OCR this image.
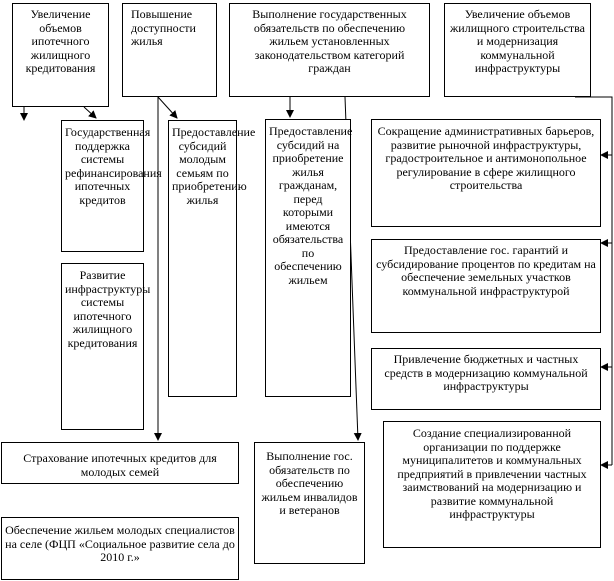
Увеличение объемов ипотечного жилищного кредитования
Повышение доступности жилья
Выполнение государственных обязательств по обеспечению жильем установленных законодательством категорий граждан
Увеличение объемов жилищного строительства и модернизация коммунальной инфраструктуры
Государственная поддержка системы рефинансирования ипотечных кредитов
Развитие инфраструктуры системы ипотечного жилищного кредитования
Предоставление субсидий молодым семьям по приобретению жилья
Предоставление субсидий на приобретение жилья гражданам, перед которыми имеются обязательства по обеспечению жильем
Сокращение административных барьеров, развитие рыночной инфраструктуры, градостроительное и антимонопольное регулирование в сфере жилищного строительства
Предоставление гос. гарантий и субсидирование процентов по кредитам на обеспечение земельных участков коммунальной инфраструктурой
Привлечение бюджетных и частных средств в модернизацию коммунальной инфраструктуры
Создание специализированной организации по поддержке муниципалитетов и коммунальных предприятий в привлечении частных заимствований на модернизацию и развитие коммунальной инфраструктуры
Страхование ипотечных кредитов для молодых семей
Выполнение гос. обязательств по обеспечению жильем инвалидов и ветеранов
Обеспечение жильем молодых специалистов на селе (ФЦП «Социальное развитие села до 2010 г.»
